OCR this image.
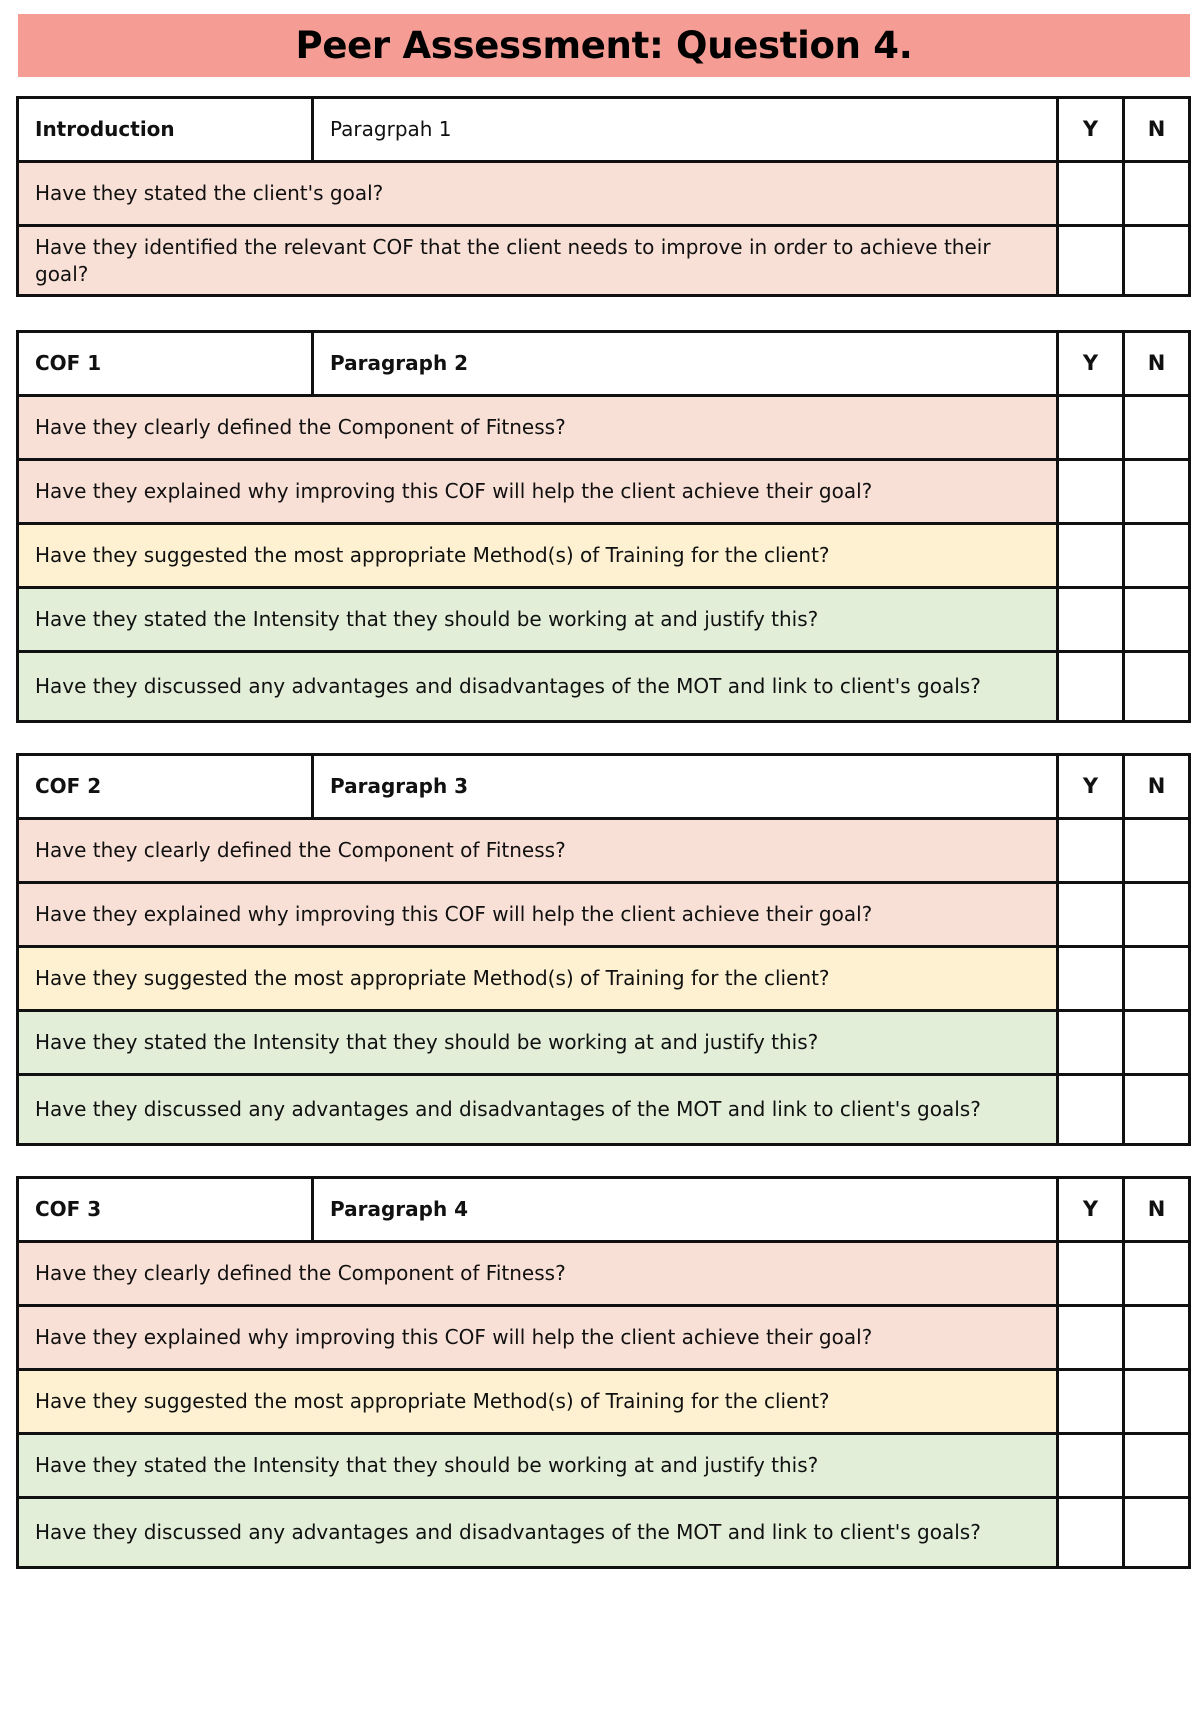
Peer Assessment: Question 4.
Introduction	Paragrpah 1	Y	N
Have they stated the client's goal?			
Have they identified the relevant COF that the client needs to improve in order to achieve their goal?			
COF 1	Paragraph 2	Y	N
Have they clearly defined the Component of Fitness?			
Have they explained why improving this COF will help the client achieve their goal?			
Have they suggested the most appropriate Method(s) of Training for the client?			
Have they stated the Intensity that they should be working at and justify this?			
Have they discussed any advantages and disadvantages of the MOT and link to client's goals?			
COF 2	Paragraph 3	Y	N
Have they clearly defined the Component of Fitness?			
Have they explained why improving this COF will help the client achieve their goal?			
Have they suggested the most appropriate Method(s) of Training for the client?			
Have they stated the Intensity that they should be working at and justify this?			
Have they discussed any advantages and disadvantages of the MOT and link to client's goals?			
COF 3	Paragraph 4	Y	N
Have they clearly defined the Component of Fitness?			
Have they explained why improving this COF will help the client achieve their goal?			
Have they suggested the most appropriate Method(s) of Training for the client?			
Have they stated the Intensity that they should be working at and justify this?			
Have they discussed any advantages and disadvantages of the MOT and link to client's goals?			
